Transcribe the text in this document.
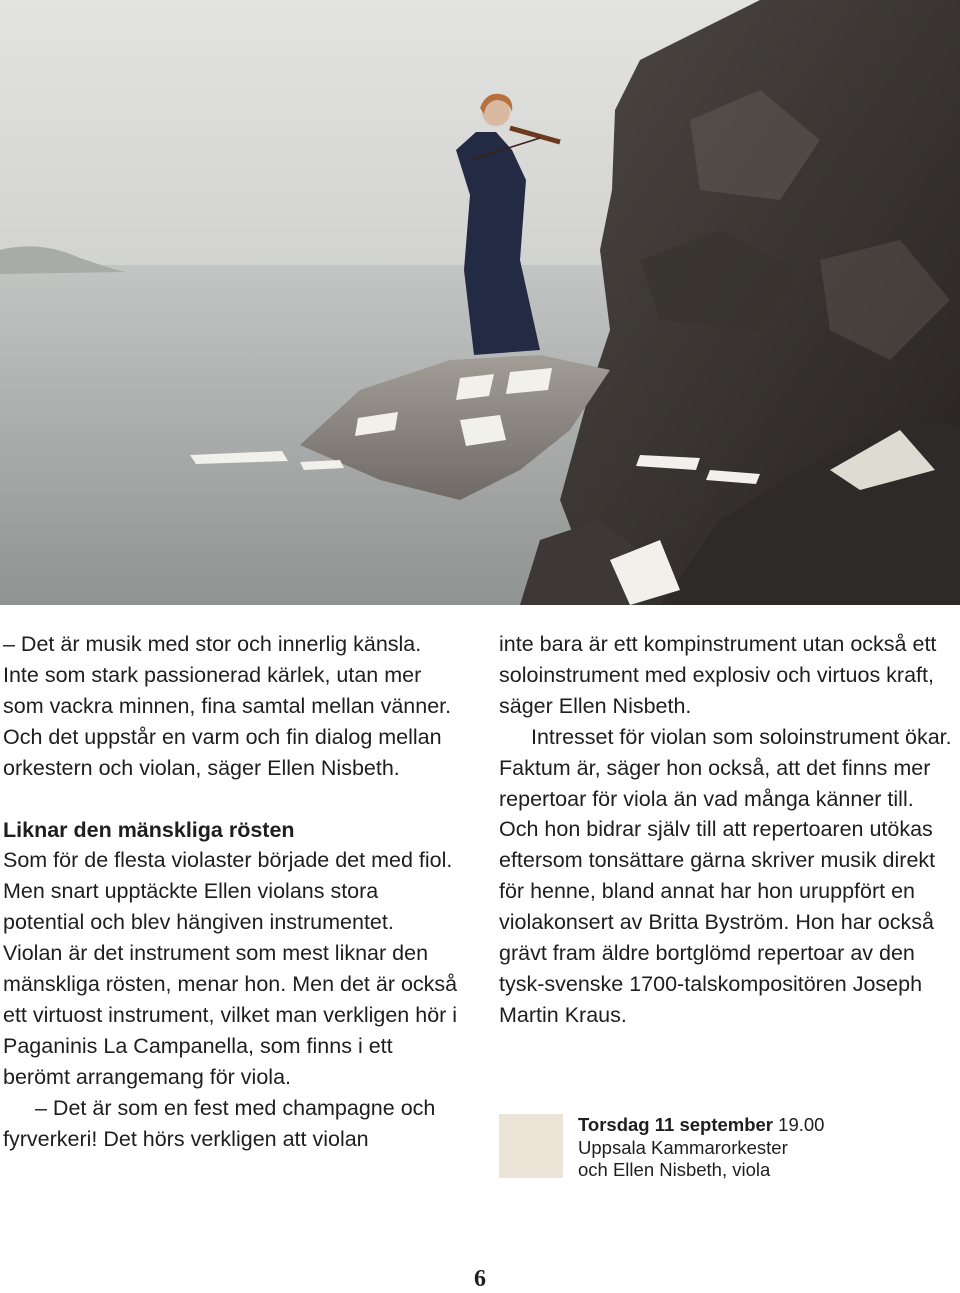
– Det är musik med stor och innerlig känsla. Inte som stark passionerad kärlek, utan mer som vackra minnen, fina samtal mellan vänner. Och det uppstår en varm och fin dialog mellan orkestern och violan, säger Ellen Nisbeth.

Liknar den mänskliga rösten

Som för de flesta violaster började det med fiol. Men snart upptäckte Ellen violans stora potential och blev hängiven instrumentet. Violan är det instrument som mest liknar den mänskliga rösten, menar hon. Men det är också ett virtuost instrument, vilket man verkligen hör i Paganinis La Campanella, som finns i ett berömt arrangemang för viola.

– Det är som en fest med champagne och fyrverkeri! Det hörs verkligen att violan

inte bara är ett kompinstrument utan också ett soloinstrument med explosiv och virtuos kraft, säger Ellen Nisbeth.

Intresset för violan som soloinstrument ökar. Faktum är, säger hon också, att det finns mer repertoar för viola än vad många känner till. Och hon bidrar själv till att repertoaren utökas eftersom tonsättare gärna skriver musik direkt för henne, bland annat har hon uruppfört en violakonsert av Britta Byström. Hon har också grävt fram äldre bortglömd repertoar av den tysk-svenske 1700-talskompositören Joseph Martin Kraus.

Torsdag 11 september 19.00
Uppsala Kammarorkester
och Ellen Nisbeth, viola
6
